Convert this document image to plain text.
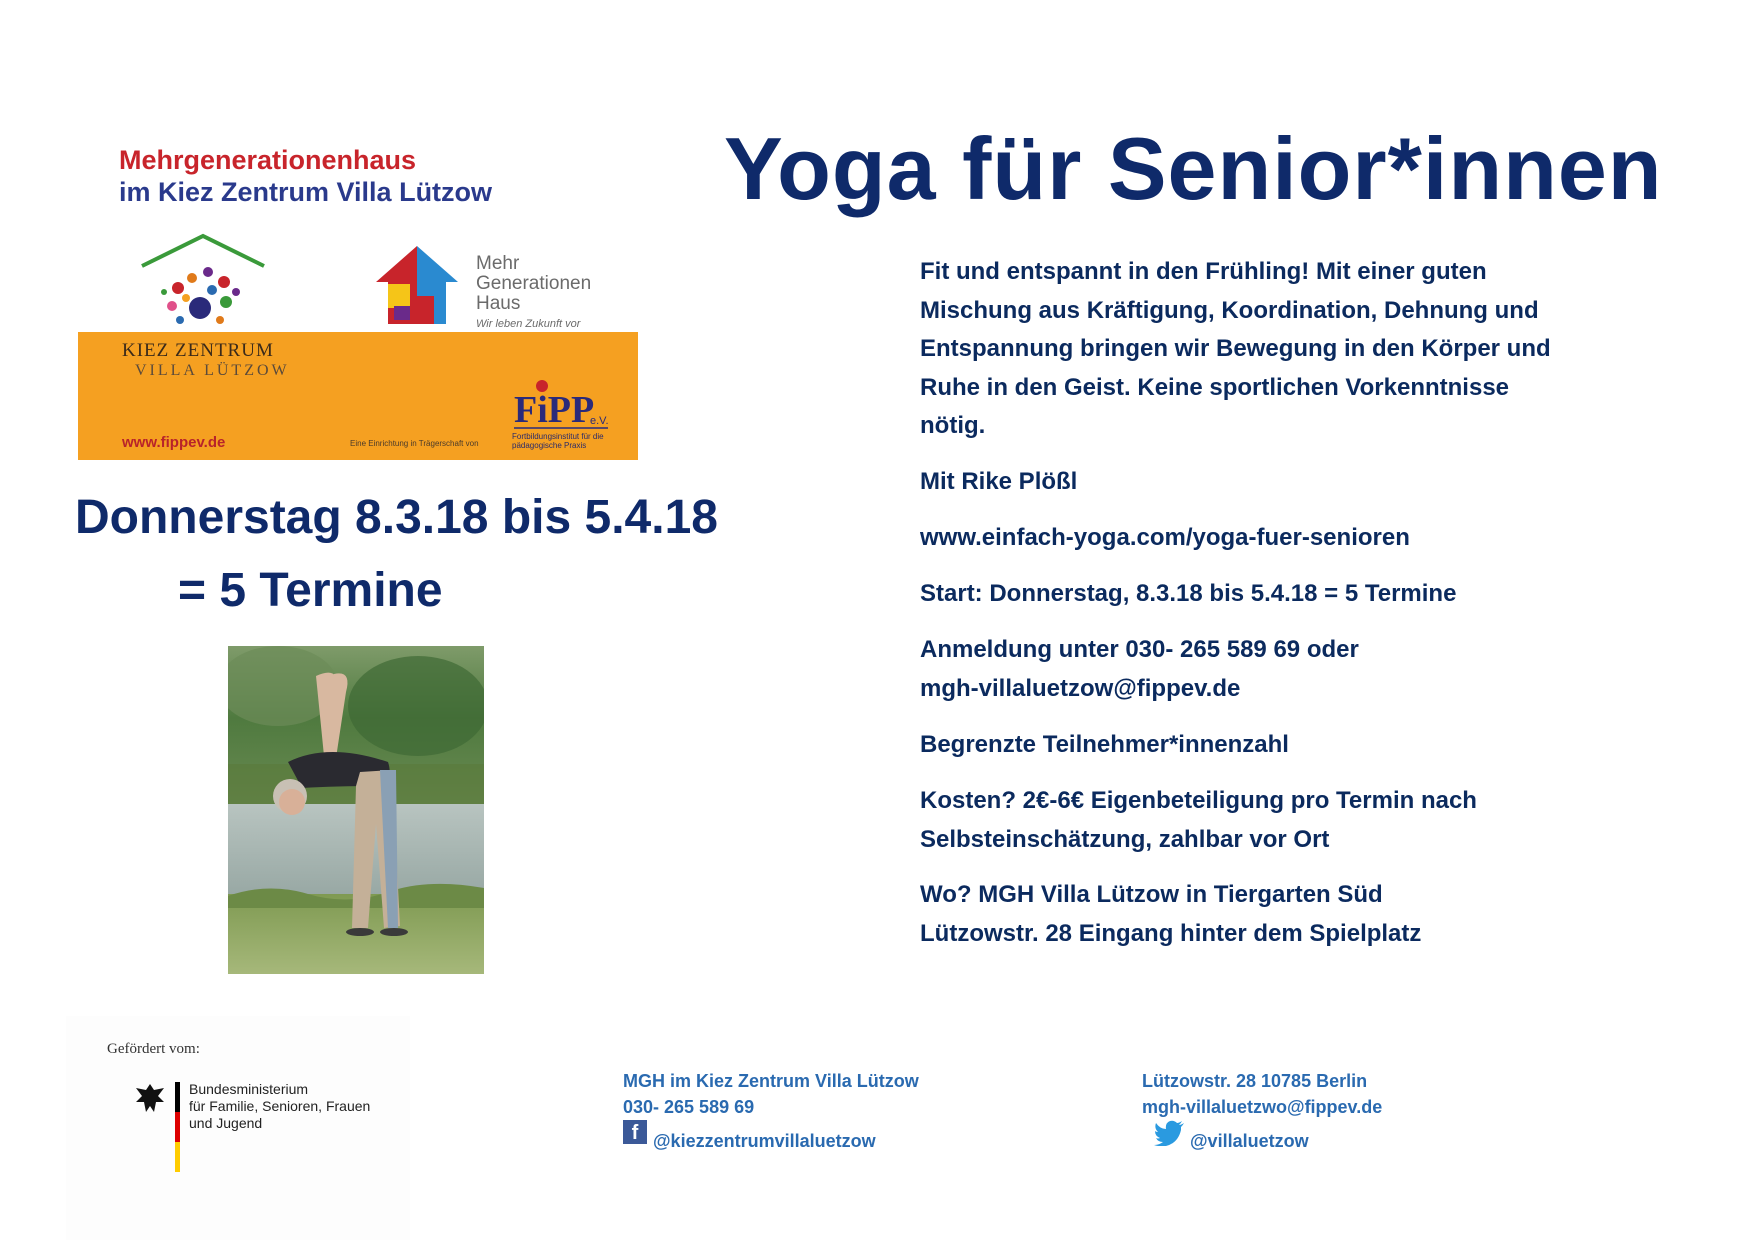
Mehrgenerationenhaus
im Kiez Zentrum Villa Lützow	Yoga für Senior*innen
Mehr
Generationen
Haus
Wir leben Zukunft vor
KIEZ ZENTRUM
VILLA LÜTZOW
www.fippev.de	Eine Einrichtung in Trägerschaft von
FiPP
e.V.
Fortbildungsinstitut für die pädagogische Praxis
Donnerstag 8.3.18 bis 5.4.18
= 5 Termine

Fit und entspannt in den Frühling! Mit einer guten

Mischung aus Kräftigung, Koordination, Dehnung und

Entspannung bringen wir Bewegung in den Körper und

Ruhe in den Geist. Keine sportlichen Vorkenntnisse

nötig.

Mit Rike Plößl
www.einfach-yoga.com/yoga-fuer-senioren
Start: Donnerstag, 8.3.18 bis 5.4.18 = 5 Termine

Anmeldung unter 030- 265 589 69 oder

mgh-villaluetzow@fippev.de

Begrenzte Teilnehmer*innenzahl

Kosten? 2€-6€ Eigenbeteiligung pro Termin nach

Selbsteinschätzung, zahlbar vor Ort

Wo? MGH Villa Lützow in Tiergarten Süd

Lützowstr. 28 Eingang hinter dem Spielplatz

Gefördert vom:
Bundesministerium
für Familie, Senioren, Frauen
und Jugend
MGH im Kiez Zentrum Villa Lützow
030- 265 589 69
f @kiezzentrumvillaluetzow
Lützowstr. 28 10785 Berlin
mgh-villaluetzwo@fippev.de
@villaluetzow
